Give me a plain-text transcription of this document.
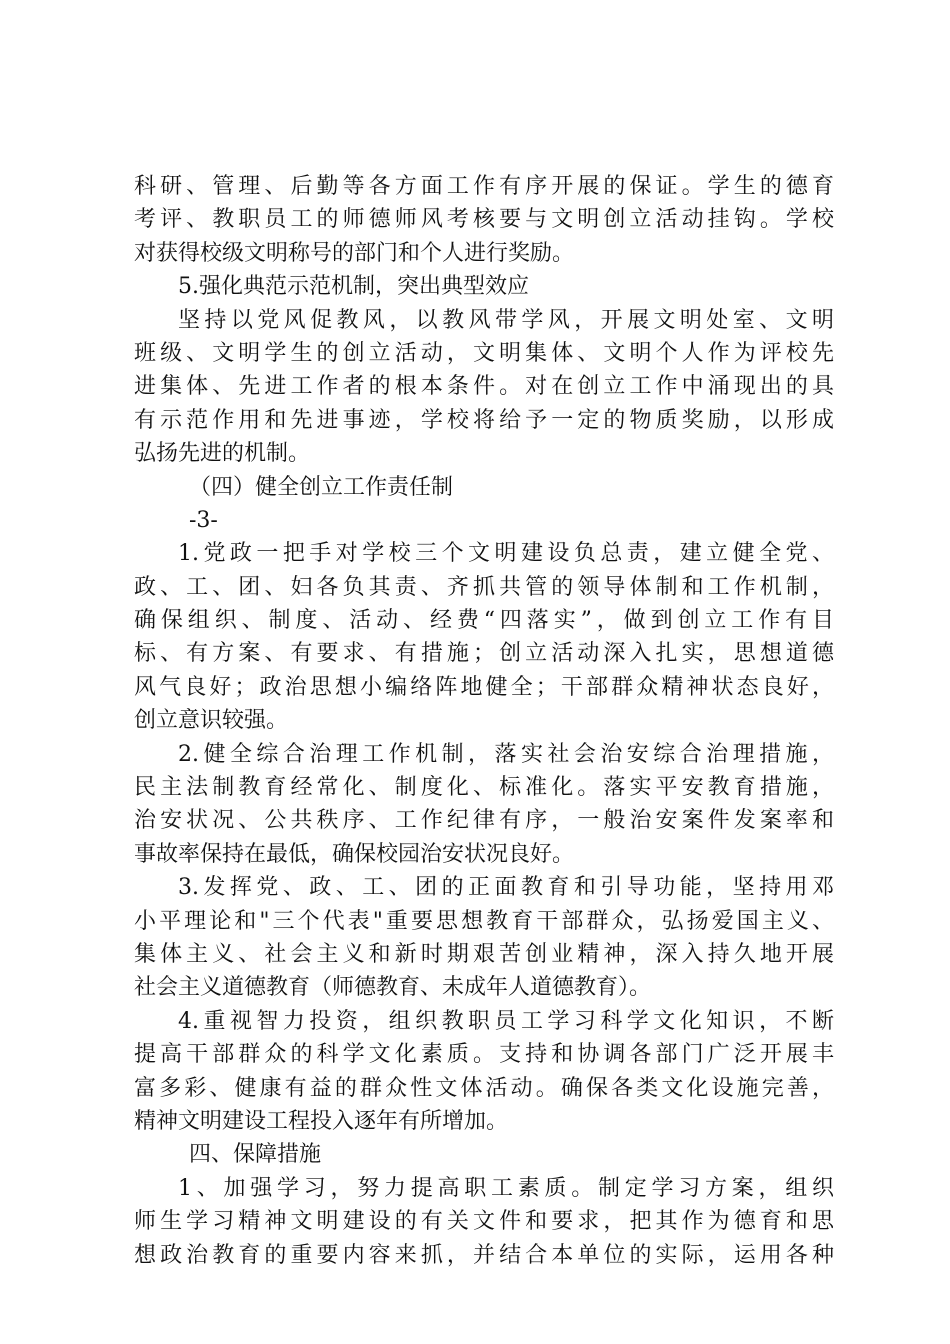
科研、管理、后勤等各方面工作有序开展的保证。学生的德育
考评、教职员工的师德师风考核要与文明创立活动挂钩。学校
对获得校级文明称号的部门和个人进行奖励。
5.强化典范示范机制，突出典型效应
坚持以党风促教风，以教风带学风，开展文明处室、文明
班级、文明学生的创立活动，文明集体、文明个人作为评校先
进集体、先进工作者的根本条件。对在创立工作中涌现出的具
有示范作用和先进事迹，学校将给予一定的物质奖励，以形成
弘扬先进的机制。
（四）健全创立工作责任制
-3-
1.党政一把手对学校三个文明建设负总责，建立健全党、
政、工、团、妇各负其责、齐抓共管的领导体制和工作机制，
确保组织、制度、活动、经费“四落实”，做到创立工作有目
标、有方案、有要求、有措施；创立活动深入扎实，思想道德
风气良好；政治思想小编络阵地健全；干部群众精神状态良好，
创立意识较强。
2.健全综合治理工作机制，落实社会治安综合治理措施，
民主法制教育经常化、制度化、标准化。落实平安教育措施，
治安状况、公共秩序、工作纪律有序，一般治安案件发案率和
事故率保持在最低，确保校园治安状况良好。
3.发挥党、政、工、团的正面教育和引导功能，坚持用邓
小平理论和"三个代表"重要思想教育干部群众，弘扬爱国主义、
集体主义、社会主义和新时期艰苦创业精神，深入持久地开展
社会主义道德教育（师德教育、未成年人道德教育）。
4.重视智力投资，组织教职员工学习科学文化知识，不断
提高干部群众的科学文化素质。支持和协调各部门广泛开展丰
富多彩、健康有益的群众性文体活动。确保各类文化设施完善，
精神文明建设工程投入逐年有所增加。
四、保障措施
1、加强学习，努力提高职工素质。制定学习方案，组织
师生学习精神文明建设的有关文件和要求，把其作为德育和思
想政治教育的重要内容来抓，并结合本单位的实际，运用各种
